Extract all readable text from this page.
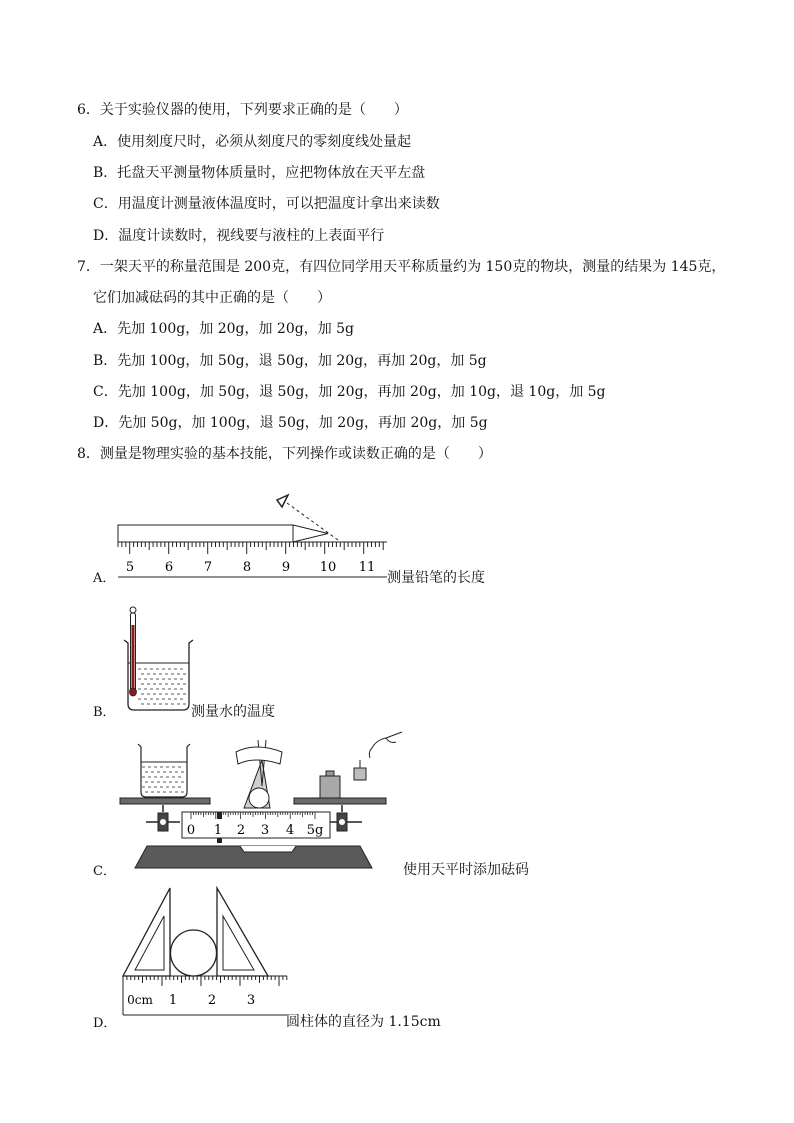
6．关于实验仪器的使用，下列要求正确的是（　　）
A．使用刻度尺时，必须从刻度尺的零刻度线处量起
B．托盘天平测量物体质量时，应把物体放在天平左盘
C．用温度计测量液体温度时，可以把温度计拿出来读数
D．温度计读数时，视线要与液柱的上表面平行
7．一架天平的称量范围是 200克，有四位同学用天平称质量约为 150克的物块，测量的结果为 145克，
它们加减砝码的其中正确的是（　　）
A．先加 100g，加 20g，加 20g，加 5g
B．先加 100g，加 50g，退 50g，加 20g，再加 20g，加 5g
C．先加 100g，加 50g，退 50g，加 20g，再加 20g，加 10g，退 10g，加 5g
D．先加 50g，加 100g，退 50g，加 20g，再加 20g，加 5g
8．测量是物理实验的基本技能，下列操作或读数正确的是（　　）
A．
5 6 7 8 9 10 11
测量铅笔的长度
B．	测量水的温度
C．
0 1 2 3 4 5g
使用天平时添加砝码
D．
0cm 1 2 3
圆柱体的直径为 1.15cm
